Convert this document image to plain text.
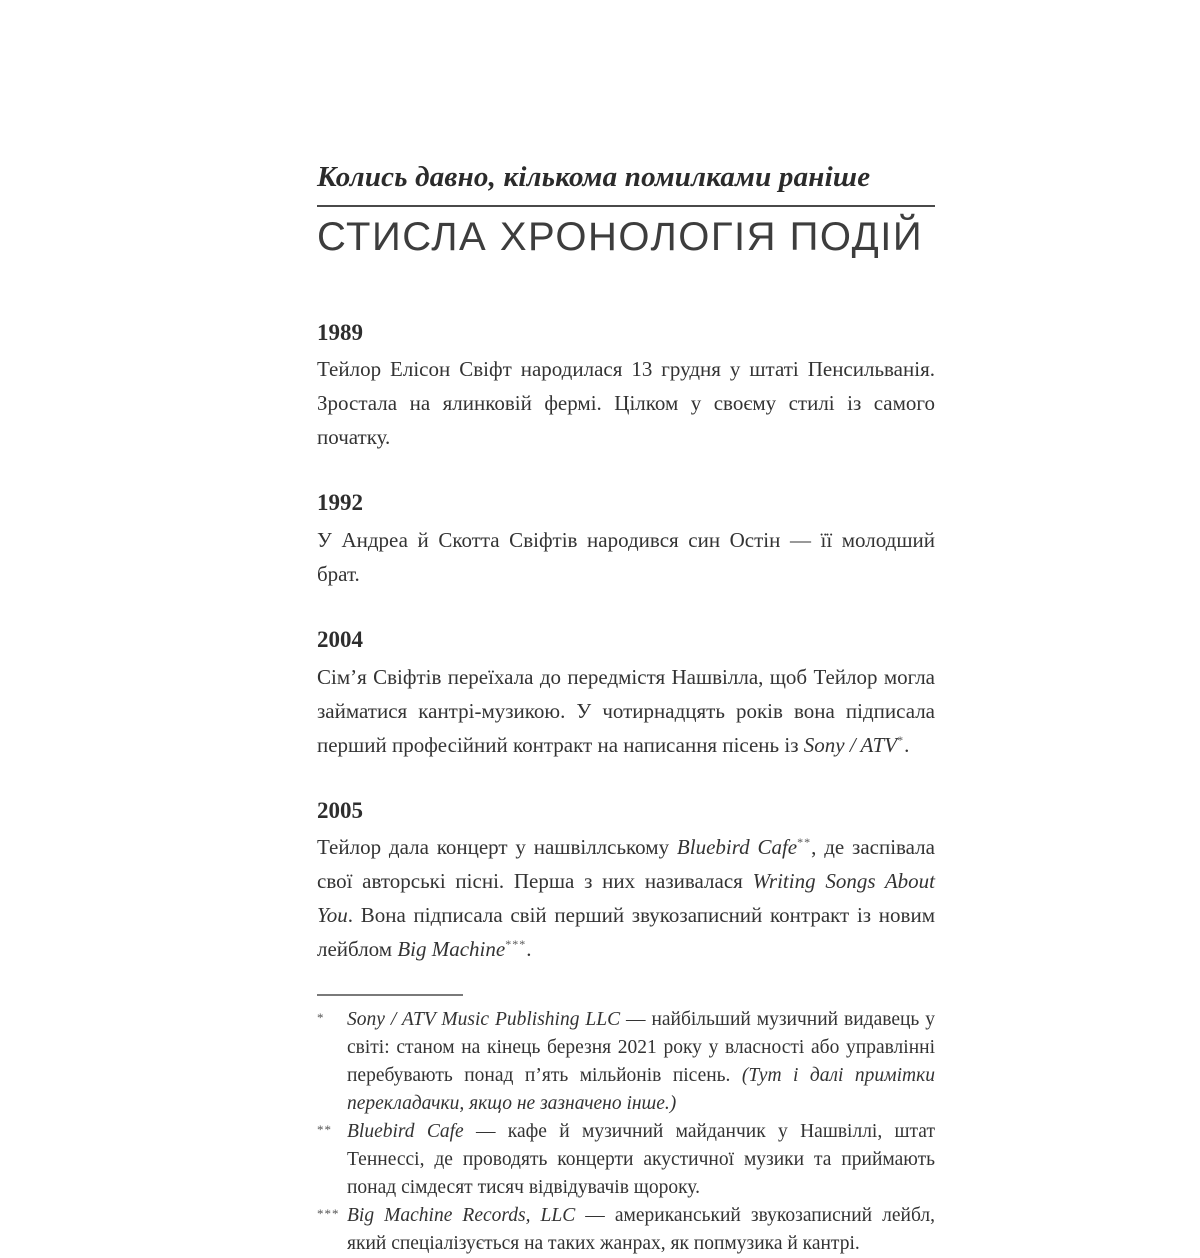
Колись давно, кількома помилками раніше
СТИСЛА ХРОНОЛОГІЯ ПОДІЙ
1989
Тейлор Елісон Свіфт народилася 13 грудня у штаті Пенсильванія. Зростала на ялинковій фермі. Цілком у своєму стилі із самого початку.
1992
У Андреа й Скотта Свіфтів народився син Остін — її молодший брат.
2004
Сім’я Свіфтів переїхала до передмістя Нашвілла, щоб Тейлор могла займатися кантрі-музикою. У чотирнадцять років вона підписала перший професійний контракт на написання пісень із Sony / ATV*.
2005
Тейлор дала концерт у нашвіллському Bluebird Cafe**, де заспівала свої авторські пісні. Перша з них називалася Writing Songs About You. Вона підписала свій перший звукозаписний контракт із новим лейблом Big Machine***.
* Sony / ATV Music Publishing LLC — найбільший музичний видавець у світі: станом на кінець березня 2021 року у власності або управлінні перебувають понад п’ять мільйонів пісень. (Тут і далі примітки перекладачки, якщо не зазначено інше.)
** Bluebird Cafe — кафе й музичний майданчик у Нашвіллі, штат Теннессі, де проводять концерти акустичної музики та приймають понад сімдесят тисяч відвідувачів щороку.
*** Big Machine Records, LLC — американський звукозаписний лейбл, який спеціалізується на таких жанрах, як попмузика й кантрі.
